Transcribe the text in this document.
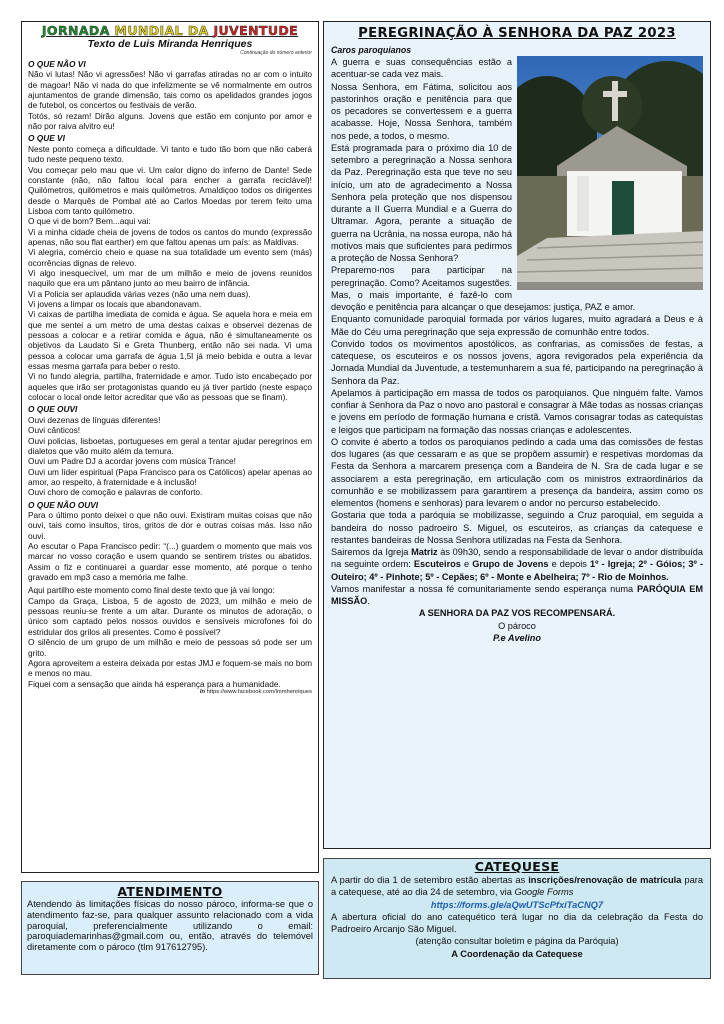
JORNADA MUNDIAL DA JUVENTUDE
Texto de Luis Miranda Henriques
Continuação do número anterior
O QUE NÃO VI

Não vi lutas! Não vi agressões! Não vi garrafas atiradas no ar com o intuito de magoar! Não vi nada do que infelizmente se vê normalmente em outros ajuntamentos de grande dimensão, tais como os apelidados grandes jogos de futebol, os concertos ou festivais de verão.

Totós, só rezam! Dirão alguns. Jovens que estão em conjunto por amor e não por raiva alvitro eu!

O QUE VI

Neste ponto começa a dificuldade. Vi tanto e tudo tão bom que não caberá tudo neste pequeno texto.

Vou começar pelo mau que vi. Um calor digno do inferno de Dante! Sede constante (não, não faltou local para encher a garrafa reciclável)! Quilómetros, quilómetros e mais quilómetros. Amaldiçoo todos os dirigentes desde o Marquês de Pombal até ao Carlos Moedas por terem feito uma Lisboa com tanto quilómetro.

O que vi de bom? Bem...aqui vai:

Vi a minha cidade cheia de jovens de todos os cantos do mundo (expressão apenas, não sou flat earther) em que faltou apenas um país: as Maldivas.

Vi alegria, comércio cheio e quase na sua totalidade um evento sem (más) ocorrências dignas de relevo.

Vi algo inesquecível, um mar de um milhão e meio de jovens reunidos naquilo que era um pântano junto ao meu bairro de infância.

Vi a Policia ser aplaudida várias vezes (não uma nem duas).

Vi jovens a limpar os locais que abandonavam.

Vi caixas de partilha imediata de comida e água. Se aquela hora e meia em que me sentei a um metro de uma destas caixas e observei dezenas de pessoas a colocar e a retirar comida e água, não é simultaneamente os objetivos da Laudato Si e Greta Thunberg, então não sei nada. Vi uma pessoa a colocar uma garrafa de água 1,5l já meio bebida e outra a levar essas mesma garrafa para beber o resto.

Vi no fundo alegria, partilha, fraternidade e amor. Tudo isto encabeçado por aqueles que irão ser protagonistas quando eu já tiver partido (neste espaço colocar o local onde leitor acreditar que vão as pessoas que se finam).

O QUE OUVI

Ouvi dezenas de línguas diferentes!

Ouvi cânticos!

Ouvi policias, lisboetas, portugueses em geral a tentar ajudar peregrinos em dialetos que vão muito além da ternura.

Ouvi um Padre DJ a acordar jovens com música Trance!

Ouvi um líder espiritual (Papa Francisco para os Católicos) apelar apenas ao amor, ao respeito, à fraternidade e à inclusão!

Ouvi choro de comoção e palavras de conforto.

O QUE NÃO OUVI

Para o último ponto deixei o que não ouvi. Existiram muitas coisas que não ouvi, tais como insultos, tiros, gritos de dor e outras coisas más. Isso não ouvi.

Ao escutar o Papa Francisco pedir: “(...) guardem o momento que mais vos marcar no vosso coração e usem quando se sentirem tristes ou abatidos. Assim o fiz e continuarei a guardar esse momento, até porque o tenho gravado em mp3 caso a memória me falhe.

Aqui partilho este momento como final deste texto que já vai longo:

Campo da Graça, Lisboa, 5 de agosto de 2023, um milhão e meio de pessoas reuniu-se frente a um altar. Durante os minutos de adoração, o único som captado pelos nossos ouvidos e sensíveis microfones foi do estridular dos grilos ali presentes. Como é possível?

O silêncio de um grupo de um milhão e meio de pessoas só pode ser um grito.

Agora aproveitem a esteira deixada por estas JMJ e foquem-se mais no bom e menos no mau.

Fiquei com a sensação que ainda há esperança para a humanidade.

In https://www.facebook.com/lmmhenriques
ATENDIMENTO

Atendendo às limitações físicas do nosso pároco, informa-se que o atendimento faz-se, para qualquer assunto relacionado com a vida paroquial, preferencialmente utilizando o email: paroquiademarinhas@gmail.com ou, então, através do telemóvel diretamente com o pároco (tlm 917612795).

PEREGRINAÇÃO À SENHORA DA PAZ 2023
Caros paroquianos

A guerra e suas consequências estão a acentuar-se cada vez mais.

Nossa Senhora, em Fátima, solicitou aos pastorinhos oração e penitência para que os pecadores se convertessem e a guerra acabasse. Hoje, Nossa Senhora, também nos pede, a todos, o mesmo.

Está programada para o próximo dia 10 de setembro a peregrinação a Nossa senhora da Paz. Peregrinação esta que teve no seu início, um ato de agradecimento a Nossa Senhora pela proteção que nos dispensou durante a II Guerra Mundial e a Guerra do Ultramar. Agora, perante a situação de guerra na Ucrânia, na nossa europa, não há motivos mais que suficientes para pedirmos a proteção de Nossa Senhora?

Preparemo-nos para participar na peregrinação. Como? Aceitamos sugestões. Mas, o mais importante, é fazê-lo com devoção e penitência para alcançar o que desejamos: justiça, PAZ e amor.

Enquanto comunidade paroquial formada por vários lugares, muito agradará a Deus e à Mãe do Céu uma peregrinação que seja expressão de comunhão entre todos.

Convido todos os movimentos apostólicos, as confrarias, as comissões de festas, a catequese, os escuteiros e os nossos jovens, agora revigorados pela experiência da Jornada Mundial da Juventude, a testemunharem a sua fé, participando na peregrinação à Senhora da Paz.

Apelamos à participação em massa de todos os paroquianos. Que ninguém falte. Vamos confiar à Senhora da Paz o novo ano pastoral e consagrar à Mãe todas as nossas crianças e jovens em período de formação humana e cristã. Vamos consagrar todas as catequistas e leigos que participam na formação das nossas crianças e adolescentes.

O convite é aberto a todos os paroquianos pedindo a cada uma das comissões de festas dos lugares (as que cessaram e as que se propõem assumir) e respetivas mordomas da Festa da Senhora a marcarem presença com a Bandeira de N. Sra de cada lugar e se associarem a esta peregrinação, em articulação com os ministros extraordinários da comunhão e se mobilizassem para garantirem a presença da bandeira, assim como os elementos (homens e senhoras) para levarem o andor no percurso estabelecido.

Gostaria que toda a paróquia se mobilizasse, seguindo a Cruz paroquial, em seguida a bandeira do nosso padroeiro S. Miguel, os escuteiros, as crianças da catequese e restantes bandeiras de Nossa Senhora utilizadas na Festa da Senhora.

Sairemos da Igreja Matriz às 09h30, sendo a responsabilidade de levar o andor distribuída na seguinte ordem: Escuteiros e Grupo de Jovens e depois 1º - Igreja; 2º - Góios; 3º - Outeiro; 4º - Pinhote; 5º - Cepães; 6º - Monte e Abelheira; 7º - Rio de Moinhos.

Vamos manifestar a nossa fé comunitariamente sendo esperança numa PARÓQUIA EM MISSÃO.

A SENHORA DA PAZ VOS RECOMPENSARÁ.

O pároco

P.e Avelino

CATEQUESE

A partir do dia 1 de setembro estão abertas as inscrições/renovação de matrícula para a catequese, até ao dia 24 de setembro, via Google Forms

https://forms.gle/aQwUTScPfxiTaCNQ7

A abertura oficial do ano catequético terá lugar no dia da celebração da Festa do Padroeiro Arcanjo São Miguel.

(atenção consultar boletim e página da Paróquia)

A Coordenação da Catequese
